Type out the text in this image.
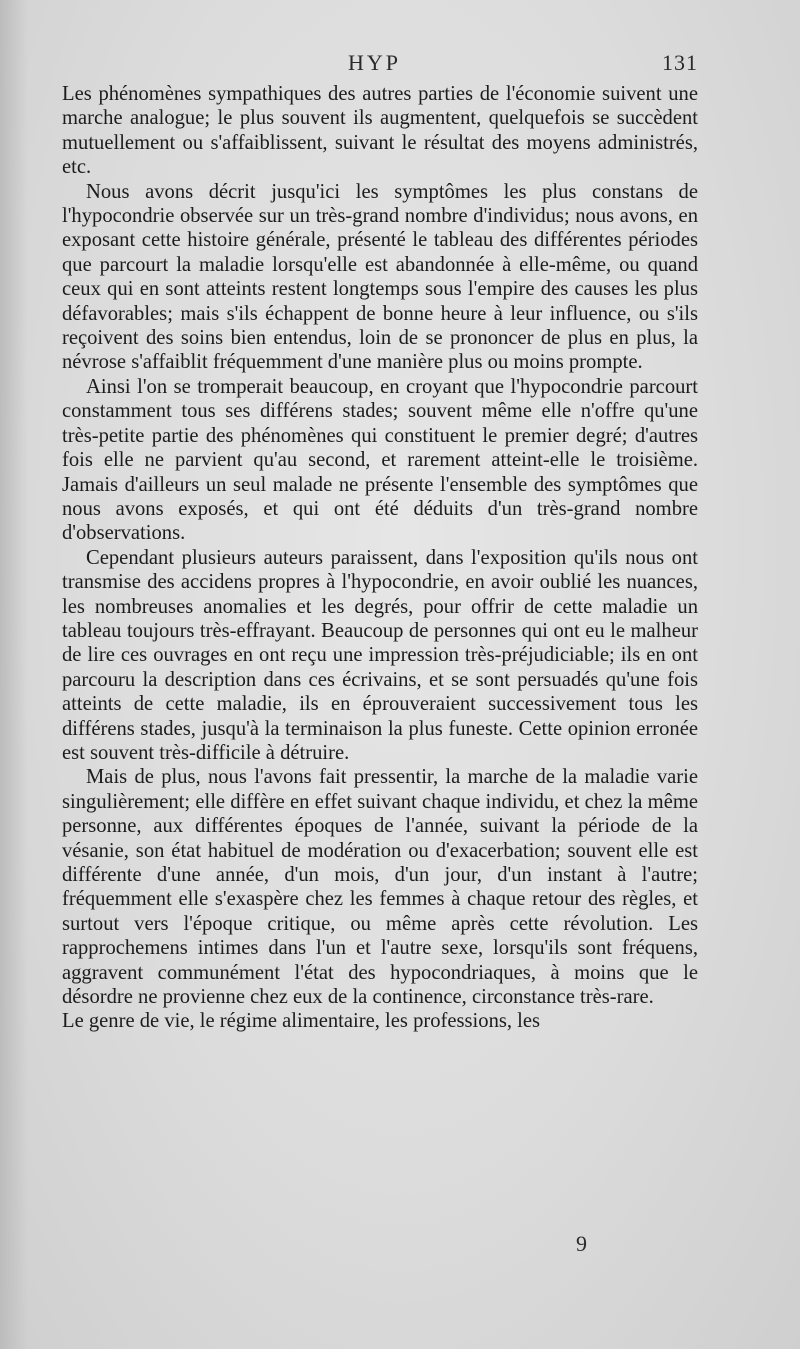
HYP	131

Les phénomènes sympathiques des autres parties de l'économie suivent une marche analogue; le plus souvent ils augmentent, quelquefois se succèdent mutuellement ou s'affaiblissent, suivant le résultat des moyens administrés, etc.

Nous avons décrit jusqu'ici les symptômes les plus constans de l'hypocondrie observée sur un très-grand nombre d'individus; nous avons, en exposant cette histoire générale, présenté le tableau des différentes périodes que parcourt la maladie lorsqu'elle est abandonnée à elle-même, ou quand ceux qui en sont atteints restent longtemps sous l'empire des causes les plus défavorables; mais s'ils échappent de bonne heure à leur influence, ou s'ils reçoivent des soins bien entendus, loin de se prononcer de plus en plus, la névrose s'affaiblit fréquemment d'une manière plus ou moins prompte.

Ainsi l'on se tromperait beaucoup, en croyant que l'hypocondrie parcourt constamment tous ses différens stades; souvent même elle n'offre qu'une très-petite partie des phénomènes qui constituent le premier degré; d'autres fois elle ne parvient qu'au second, et rarement atteint-elle le troisième. Jamais d'ailleurs un seul malade ne présente l'ensemble des symptômes que nous avons exposés, et qui ont été déduits d'un très-grand nombre d'observations.

Cependant plusieurs auteurs paraissent, dans l'exposition qu'ils nous ont transmise des accidens propres à l'hypocondrie, en avoir oublié les nuances, les nombreuses anomalies et les degrés, pour offrir de cette maladie un tableau toujours très-effrayant. Beaucoup de personnes qui ont eu le malheur de lire ces ouvrages en ont reçu une impression très-préjudiciable; ils en ont parcouru la description dans ces écrivains, et se sont persuadés qu'une fois atteints de cette maladie, ils en éprouveraient successivement tous les différens stades, jusqu'à la terminaison la plus funeste. Cette opinion erronée est souvent très-difficile à détruire.

Mais de plus, nous l'avons fait pressentir, la marche de la maladie varie singulièrement; elle diffère en effet suivant chaque individu, et chez la même personne, aux différentes époques de l'année, suivant la période de la vésanie, son état habituel de modération ou d'exacerbation; souvent elle est différente d'une année, d'un mois, d'un jour, d'un instant à l'autre; fréquemment elle s'exaspère chez les femmes à chaque retour des règles, et surtout vers l'époque critique, ou même après cette révolution. Les rapprochemens intimes dans l'un et l'autre sexe, lorsqu'ils sont fréquens, aggravent communément l'état des hypocondriaques, à moins que le désordre ne provienne chez eux de la continence, circonstance très-rare.

Le genre de vie, le régime alimentaire, les professions, les

9
